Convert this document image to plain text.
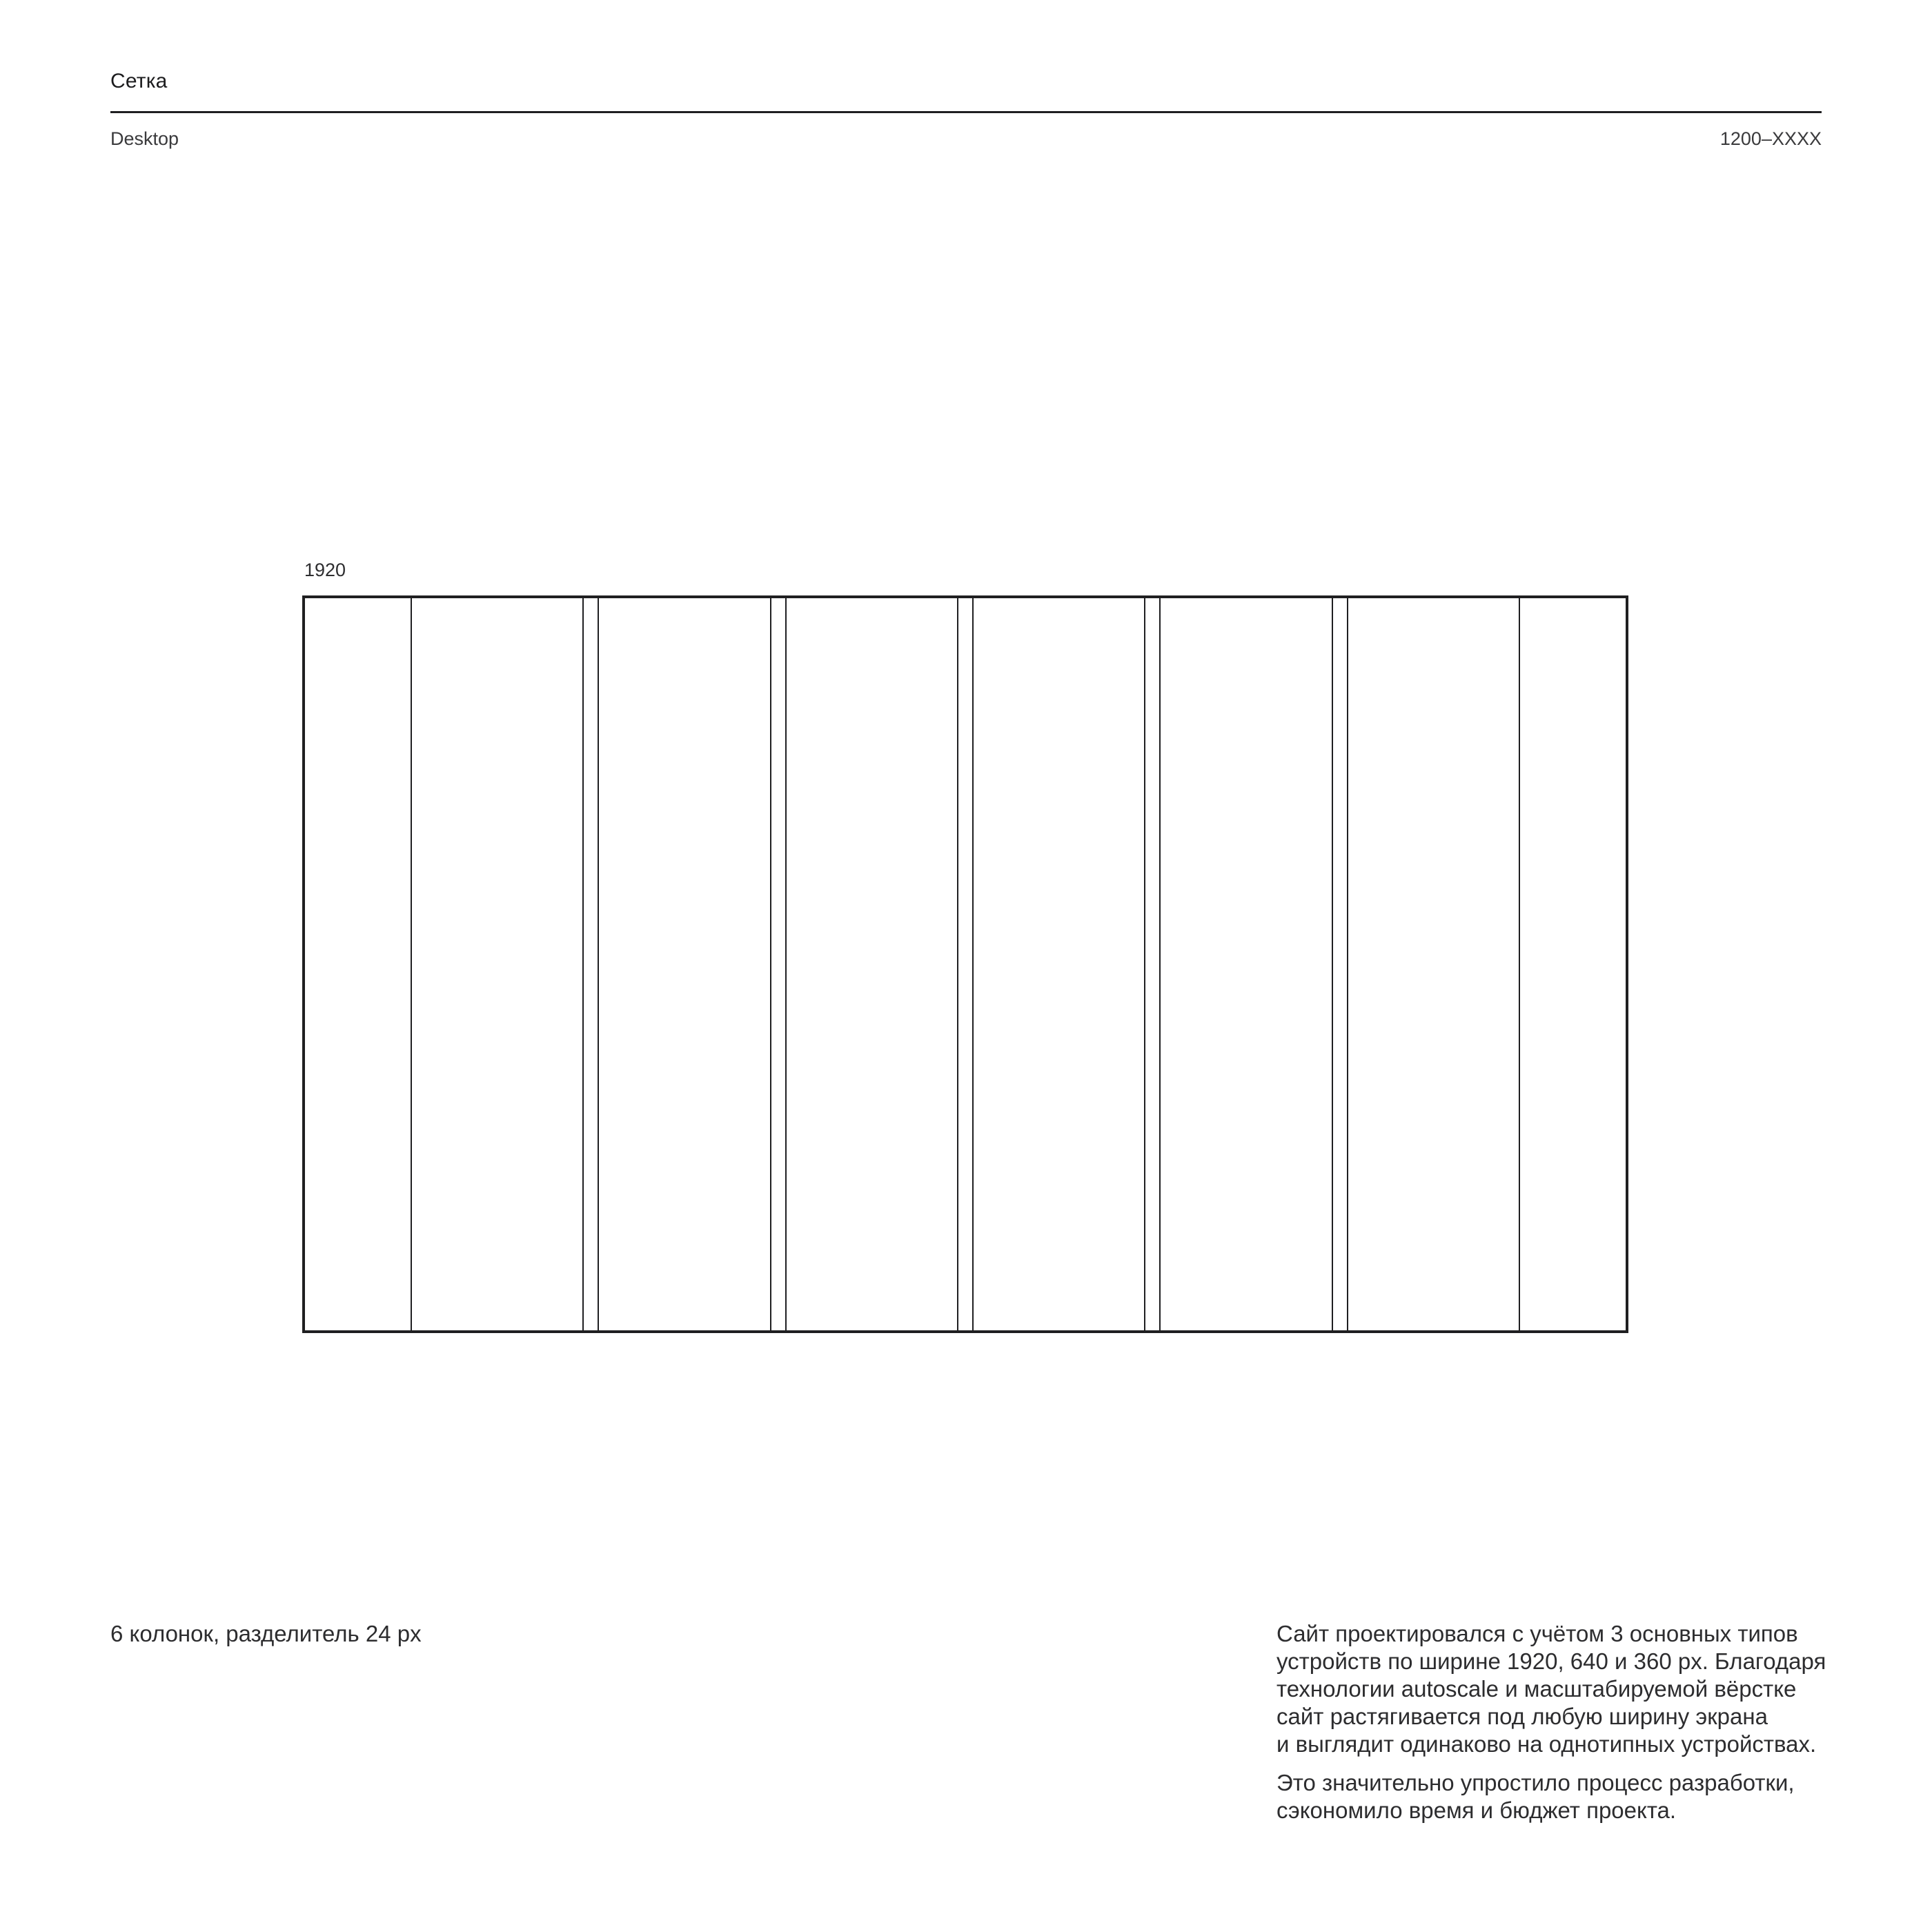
Сетка
Desktop	1200–XXXX
1920
6 колонок, разделитель 24 px	Сайт проектировался с учётом 3 основных типов
устройств по ширине 1920, 640 и 360 px. Благодаря
технологии autoscale и масштабируемой вёрстке
сайт растягивается под любую ширину экрана
и выглядит одинаково на однотипных устройствах.
Это значительно упростило процесс разработки,
сэкономило время и бюджет проекта.
